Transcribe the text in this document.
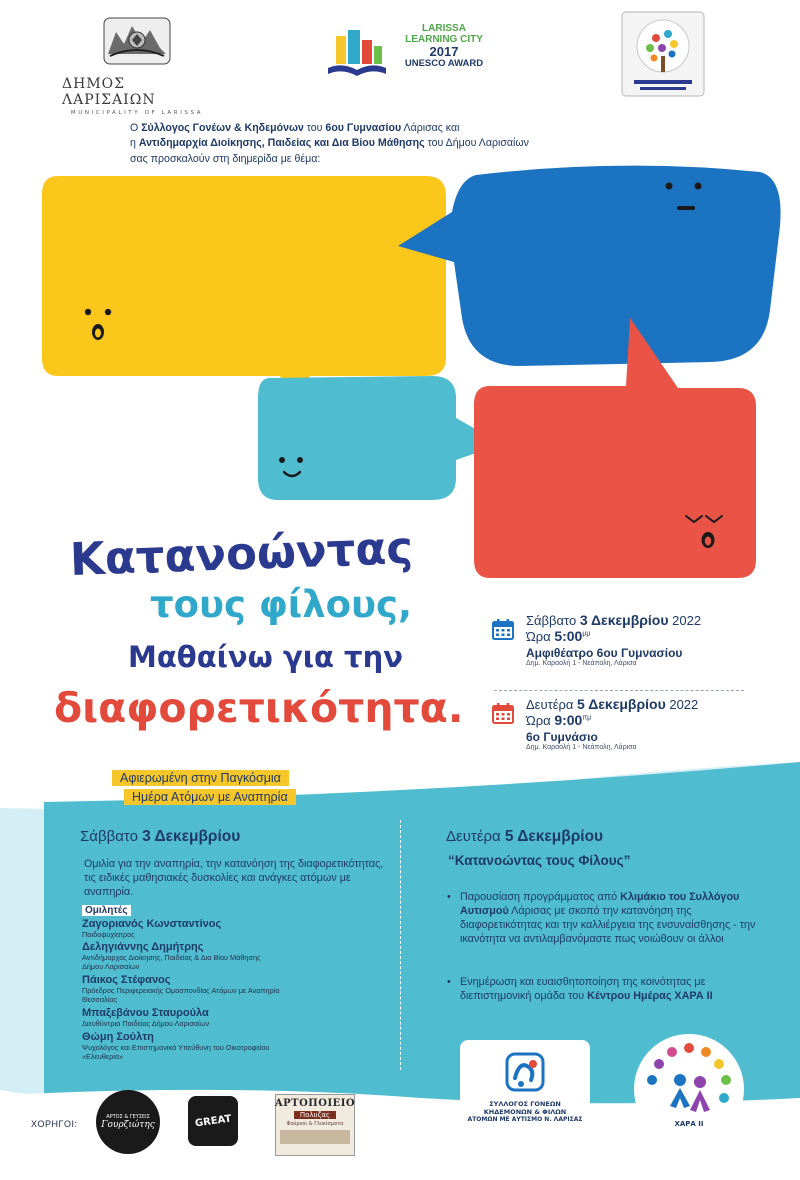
ΔΗΜΟΣ ΛΑΡΙΣΑΙΩΝ
MUNICIPALITY OF LARISSA
LARISSA
LEARNING CITY
2017
UNESCO AWARD
Ο Σύλλογος Γονέων & Κηδεμόνων του 6ου Γυμνασίου Λάρισας και
η Αντιδημαρχία Διοίκησης, Παιδείας και Δια Βίου Μάθησης του Δήμου Λαρισαίων
σας προσκαλούν στη διημερίδα με θέμα:
Κατανοώντας
τους φίλους,
Μαθαίνω για την
διαφορετικότητα.
Σάββατο 3 Δεκεμβρίου 2022
Ώρα $5:00^{\mu\mu}$
Αμφιθέατρο 6ου Γυμνασίου
Δημ. Καραολή 1 - Νεάπολη, Λάρισα
Δευτέρα 5 Δεκεμβρίου 2022
Ώρα $9:00^{\pi\mu}$
6ο Γυμνάσιο
Δημ. Καραολή 1 - Νεάπολη, Λάρισα
Αφιερωμένη στην Παγκόσμια
Ημέρα Ατόμων με Αναπηρία
Σάββατο 3 Δεκεμβρίου
Ομιλία για την αναπηρία, την κατανόηση της διαφορετικότητας, τις ειδικές μαθησιακές δυσκολίες και ανάγκες ατόμων με αναπηρία.
Ομιλητές
Ζαγοριανός Κωνσταντίνος
Παιδοψυχίατρος
Δεληγιάννης Δημήτρης
Αντιδήμαρχος Διοίκησης, Παιδείας & Δια Βίου Μάθησης
Δήμου Λαρισαίων
Πάικος Στέφανος
Πρόεδρος Περιφερειακής Ομοσπονδίας Ατόμων με Αναπηρία
Θεσσαλίας
Μπαξεβάνου Σταυρούλα
Διευθύντρια Παιδείας Δήμου Λαρισαίων
Θώμη Σούλτη
Ψυχολόγος και Επιστημονικά Υπεύθυνη του Οικοτροφείου
«Ελευθερία»
Δευτέρα 5 Δεκεμβρίου
“Κατανοώντας τους Φίλους”
• Παρουσίαση προγράμματος από Κλιμάκιο του Συλλόγου Αυτισμού Λάρισας με σκοπό την κατανόηση της διαφορετικότητας και την καλλιέργεια της ενσυναίσθησης - την ικανότητα να αντιλαμβανόμαστε πως νοιώθουν οι άλλοι
• Ενημέρωση και ευαισθητοποίηση της κοινότητας με διεπιστημονική ομάδα του Κέντρου Ημέρας ΧΑΡΑ ΙΙ
ΣΥΛΛΟΓΟΣ ΓΟΝΕΩΝ
ΚΗΔΕΜΟΝΩΝ & ΦΙΛΩΝ
ΑΤΟΜΩΝ ΜΕ ΑΥΤΙΣΜΟ Ν. ΛΑΡΙΣΑΣ
ΧΑΡΑ ΙΙ
ΧΟΡΗΓΟΙ:
ΑΡΤΟΣ & ΓΕΥΣΕΙΣ
Γουρζιώτης	GREAT
ΑΡΤΟΠΟΙΕΙΟ
Πολυζας
Φούρνοι & Γλυκίσματα
